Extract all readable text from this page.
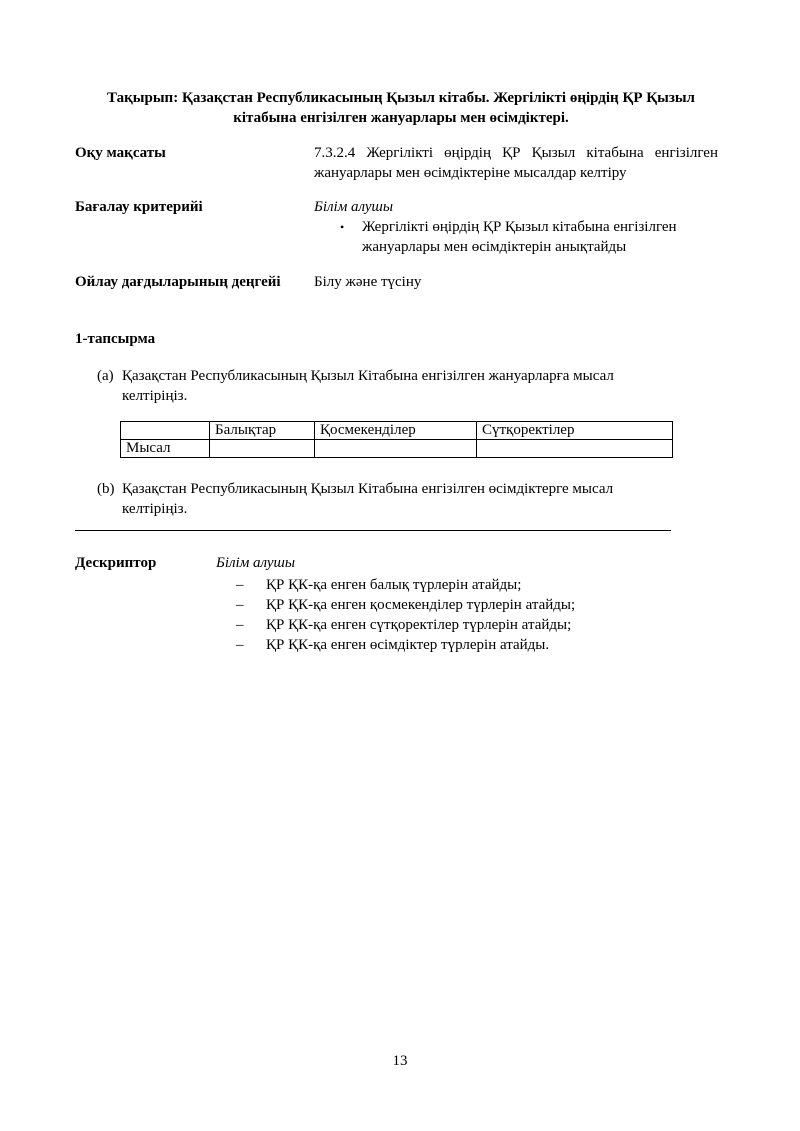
Тақырып: Қазақстан Республикасының Қызыл кітабы. Жергілікті өңірдің ҚР Қызыл кітабына енгізілген жануарлары мен өсімдіктері.
Оқу мақсаты	7.3.2.4 Жергілікті өңірдің ҚР Қызыл кітабына енгізілген жануарлары мен өсімдіктеріне мысалдар келтіру
Бағалау критерийі	Білім алушы
• Жергілікті өңірдің ҚР Қызыл кітабына енгізілген жануарлары мен өсімдіктерін анықтайды
Ойлау дағдыларының деңгейі Білу және түсіну
1-тапсырма
(a) Қазақстан Республикасының Қызыл Кітабына енгізілген жануарларға мысал келтіріңіз.
	Балықтар	Қосмекенділер	Сүтқоректілер
Мысал			
(b) Қазақстан Республикасының Қызыл Кітабына енгізілген өсімдіктерге мысал келтіріңіз.
Дескриптор	Білім алушы
– ҚР ҚК-қа енген балық түрлерін атайды;
– ҚР ҚК-қа енген қосмекенділер түрлерін атайды;
– ҚР ҚК-қа енген сүтқоректілер түрлерін атайды;
– ҚР ҚК-қа енген өсімдіктер түрлерін атайды.
13
